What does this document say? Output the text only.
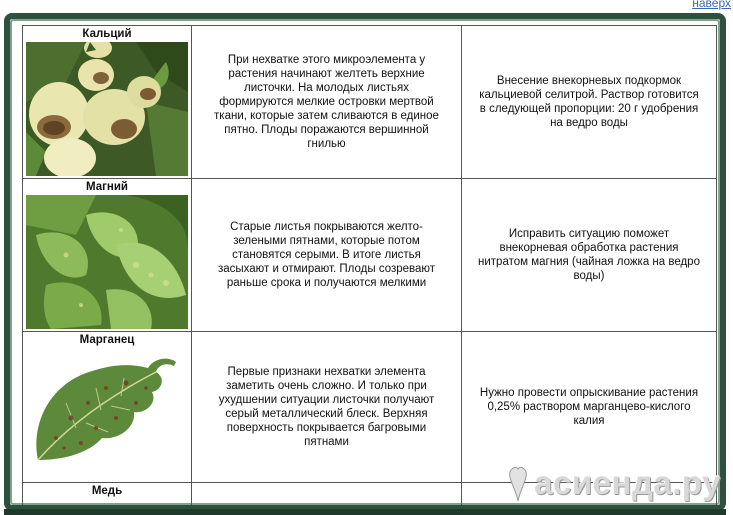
наверх
Кальций	При нехватке этого микроэлемента у растения начинают желтеть верхние листочки. На молодых листьях формируются мелкие островки мертвой ткани, которые затем сливаются в единое пятно. Плоды поражаются вершинной гнилью	Внесение внекорневых подкормок кальциевой селитрой. Раствор готовится в следующей пропорции: 20 г удобрения на ведро воды

Магний	Старые листья покрываются желто-зелеными пятнами, которые потом становятся серыми. В итоге листья засыхают и отмирают. Плоды созревают раньше срока и получаются мелкими	Исправить ситуацию поможет внекорневая обработка растения нитратом магния (чайная ложка на ведро воды)

Марганец	Первые признаки нехватки элемента заметить очень сложно. И только при ухудшении ситуации листочки получают серый металлический блеск. Верхняя поверхность покрывается багровыми пятнами	Нужно провести опрыскивание растения 0,25% раствором марганцево-кислого калия

Медь		
			асиенда.ру
